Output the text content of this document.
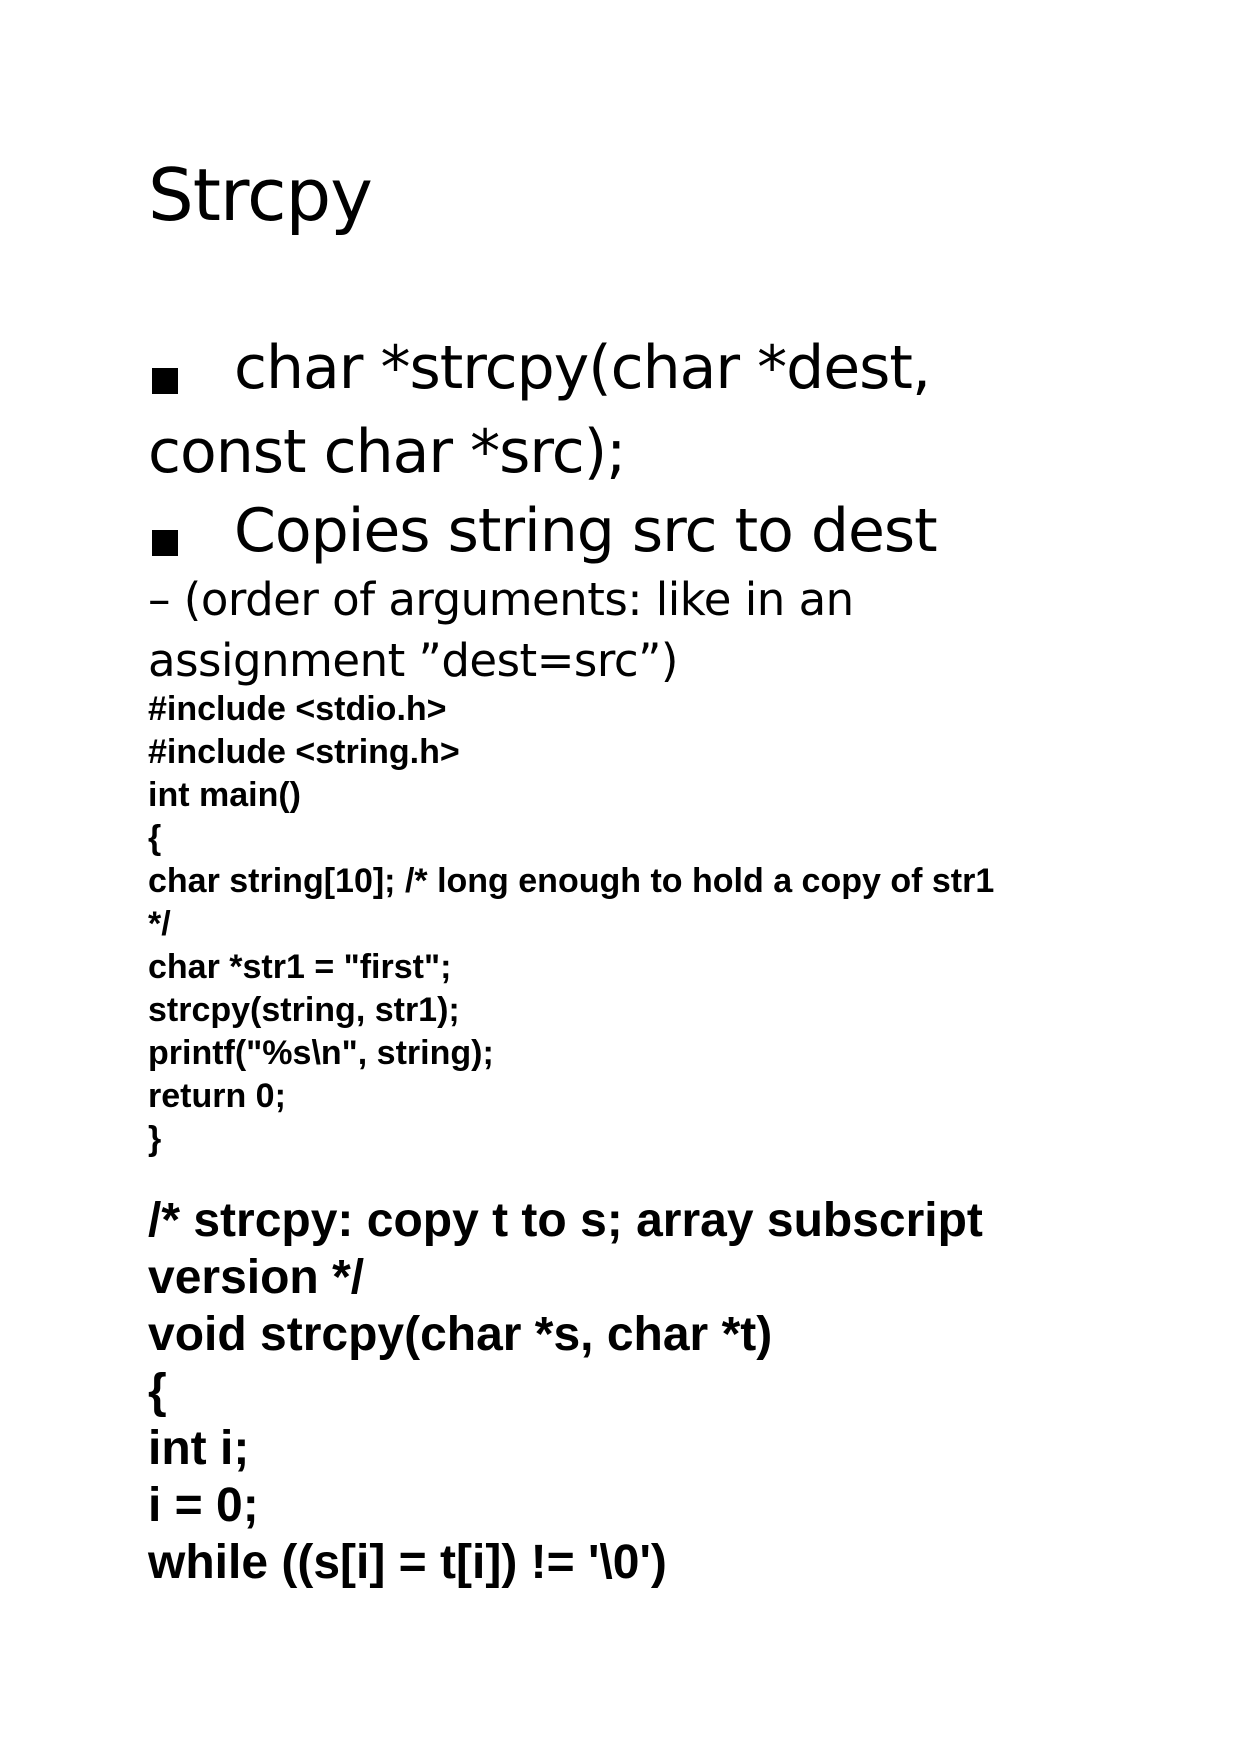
Strcpy

char *strcpy(char *dest,

const char *src);

Copies string src to dest

– (order of arguments: like in an

assignment ”dest=src”)

#include <stdio.h>

#include <string.h>

int main()

{

char string[10]; /* long enough to hold a copy of str1

*/

char *str1 = "first";

strcpy(string, str1);

printf("%s\n", string);

return 0;

}

/* strcpy: copy t to s; array subscript

version */

void strcpy(char *s, char *t)

{

int i;

i = 0;

while ((s[i] = t[i]) != '\0')
